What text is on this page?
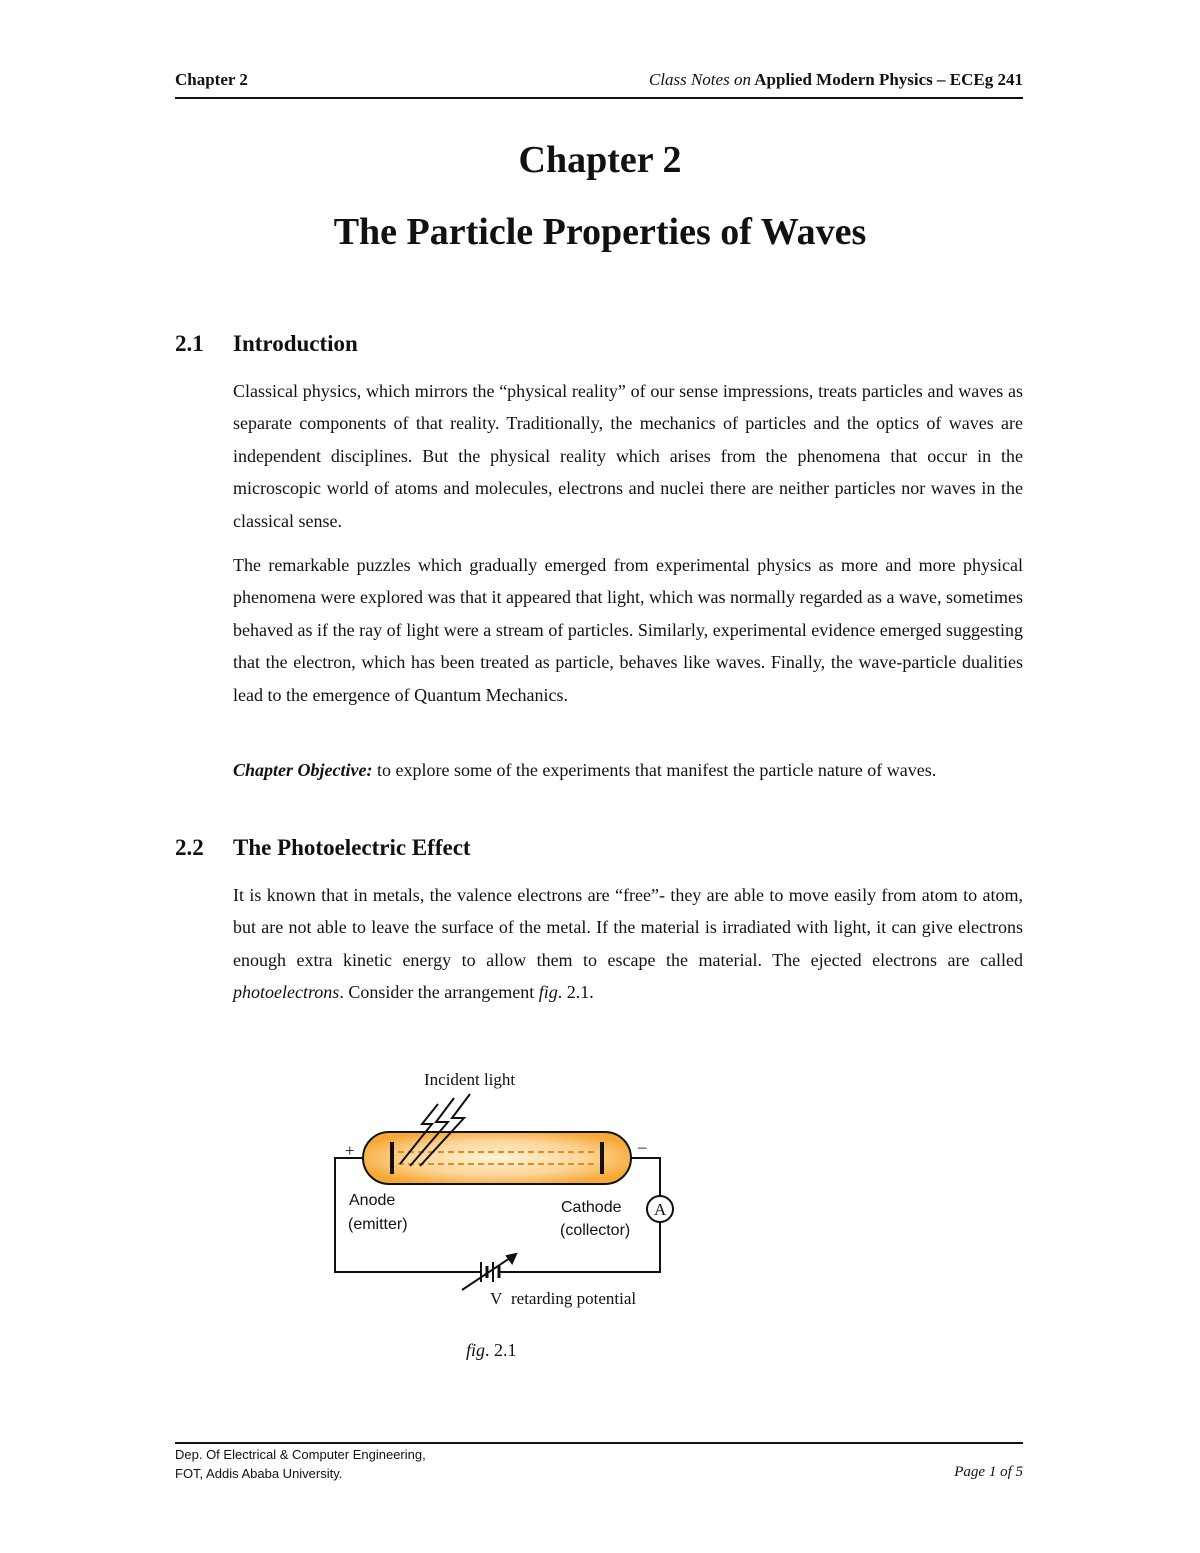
Chapter 2	Class Notes on Applied Modern Physics – ECEg 241
Chapter 2
The Particle Properties of Waves
2.1 Introduction

Classical physics, which mirrors the “physical reality” of our sense impressions, treats particles and waves as separate components of that reality. Traditionally, the mechanics of particles and the optics of waves are independent disciplines. But the physical reality which arises from the phenomena that occur in the microscopic world of atoms and molecules, electrons and nuclei there are neither particles nor waves in the classical sense.

The remarkable puzzles which gradually emerged from experimental physics as more and more physical phenomena were explored was that it appeared that light, which was normally regarded as a wave, sometimes behaved as if the ray of light were a stream of particles. Similarly, experimental evidence emerged suggesting that the electron, which has been treated as particle, behaves like waves. Finally, the wave-particle dualities lead to the emergence of Quantum Mechanics.

Chapter Objective: to explore some of the experiments that manifest the particle nature of waves.

2.2 The Photoelectric Effect

It is known that in metals, the valence electrons are “free”- they are able to move easily from atom to atom, but are not able to leave the surface of the metal. If the material is irradiated with light, it can give electrons enough extra kinetic energy to allow them to escape the material. The ejected electrons are called photoelectrons. Consider the arrangement fig. 2.1.

Incident light
+	–
A
V retarding potential
Anode
(emitter)
Cathode
(collector)
fig. 2.1
Dep. Of Electrical & Computer Engineering,
FOT, Addis Ababa University.	Page 1 of 5
